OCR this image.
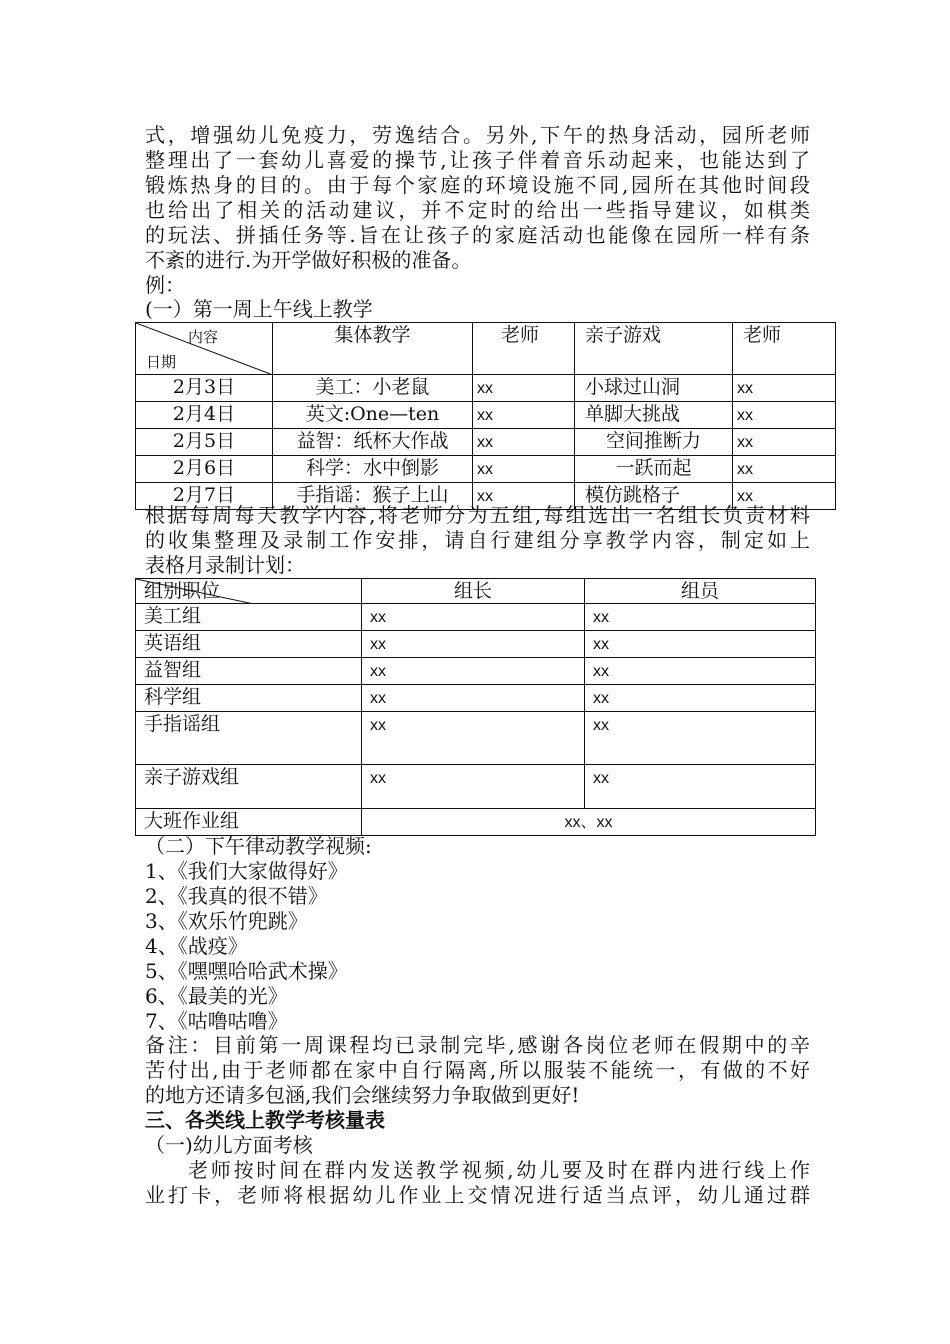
式，增强幼儿免疫力，劳逸结合。另外,下午的热身活动，园所老师
整理出了一套幼儿喜爱的操节,让孩子伴着音乐动起来，也能达到了
锻炼热身的目的。由于每个家庭的环境设施不同,园所在其他时间段
也给出了相关的活动建议，并不定时的给出一些指导建议，如棋类
的玩法、拼插任务等.旨在让孩子的家庭活动也能像在园所一样有条
不紊的进行.为开学做好积极的准备。
例：
(一）第一周上午线上教学
内容
日期	集体教学	老师	亲子游戏	老师
2月3日	美工：小老鼠	xx	小球过山洞	xx
2月4日	英文:One—ten	xx	单脚大挑战	xx
2月5日	益智：纸杯大作战	xx	空间推断力	xx
2月6日	科学：水中倒影	xx	一跃而起	xx
2月7日	手指谣：猴子上山	xx	模仿跳格子	xx
根据每周每天教学内容,将老师分为五组,每组选出一名组长负责材料
的收集整理及录制工作安排，请自行建组分享教学内容，制定如上
表格月录制计划：
组别职位	组长	组员
美工组	xx	xx
英语组	xx	xx
益智组	xx	xx
科学组	xx	xx
手指谣组	xx	xx
亲子游戏组	xx	xx
大班作业组	xx、xx	
（二）下午律动教学视频:
1、《我们大家做得好》
2、《我真的很不错》
3、《欢乐竹兜跳》
4、《战疫》
5、《嘿嘿哈哈武术操》
6、《最美的光》
7、《咕噜咕噜》
备注：目前第一周课程均已录制完毕,感谢各岗位老师在假期中的辛
苦付出,由于老师都在家中自行隔离,所以服装不能统一，有做的不好
的地方还请多包涵,我们会继续努力争取做到更好!
三、各类线上教学考核量表
（一)幼儿方面考核
老师按时间在群内发送教学视频,幼儿要及时在群内进行线上作
业打卡，老师将根据幼儿作业上交情况进行适当点评，幼儿通过群
